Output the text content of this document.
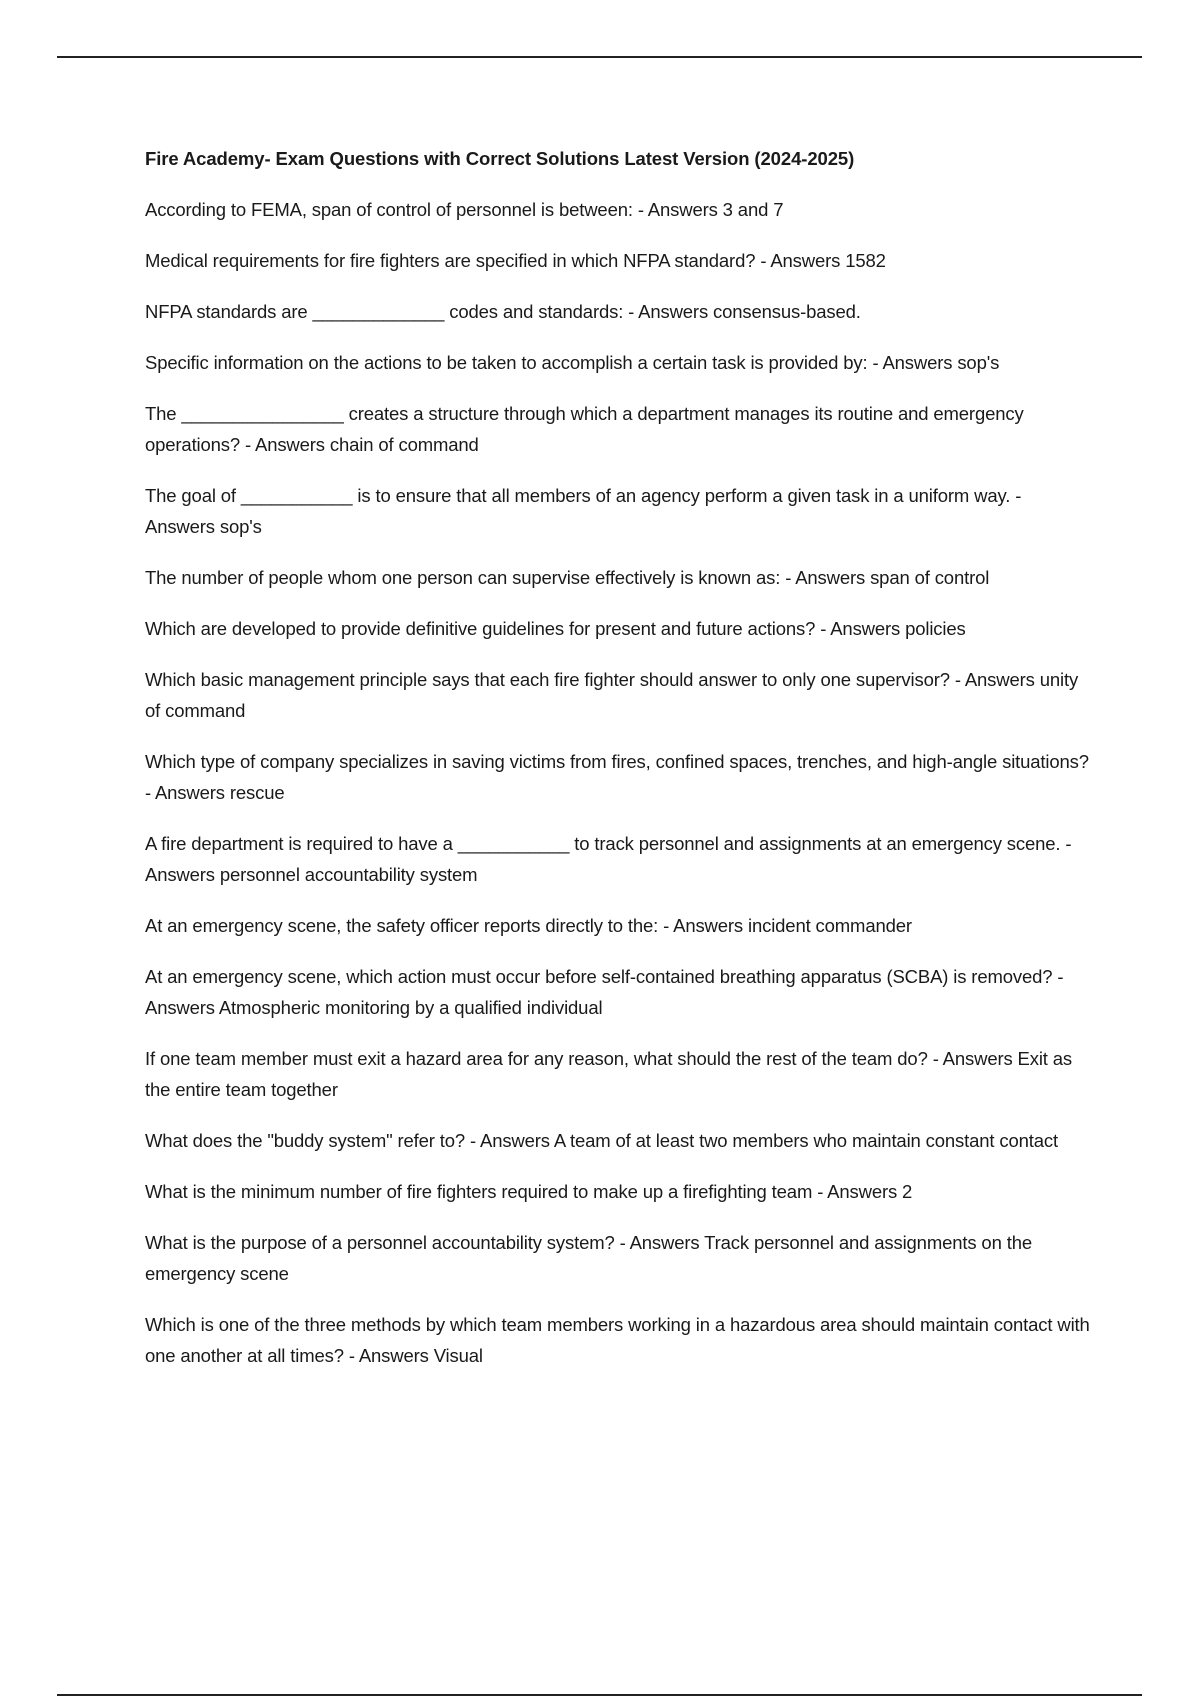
Fire Academy- Exam Questions with Correct Solutions Latest Version (2024-2025)
According to FEMA, span of control of personnel is between: - Answers 3 and 7
Medical requirements for fire fighters are specified in which NFPA standard? - Answers 1582
NFPA standards are _____________ codes and standards: - Answers consensus-based.
Specific information on the actions to be taken to accomplish a certain task is provided by: - Answers sop's
The ________________ creates a structure through which a department manages its routine and emergency operations? - Answers chain of command
The goal of ___________ is to ensure that all members of an agency perform a given task in a uniform way. - Answers sop's
The number of people whom one person can supervise effectively is known as: - Answers span of control
Which are developed to provide definitive guidelines for present and future actions? - Answers policies
Which basic management principle says that each fire fighter should answer to only one supervisor? - Answers unity of command
Which type of company specializes in saving victims from fires, confined spaces, trenches, and high-angle situations? - Answers rescue
A fire department is required to have a ___________ to track personnel and assignments at an emergency scene. - Answers personnel accountability system
At an emergency scene, the safety officer reports directly to the: - Answers incident commander
At an emergency scene, which action must occur before self-contained breathing apparatus (SCBA) is removed? - Answers Atmospheric monitoring by a qualified individual
If one team member must exit a hazard area for any reason, what should the rest of the team do? - Answers Exit as the entire team together
What does the "buddy system" refer to? - Answers A team of at least two members who maintain constant contact
What is the minimum number of fire fighters required to make up a firefighting team - Answers 2
What is the purpose of a personnel accountability system? - Answers Track personnel and assignments on the emergency scene
Which is one of the three methods by which team members working in a hazardous area should maintain contact with one another at all times? - Answers Visual
